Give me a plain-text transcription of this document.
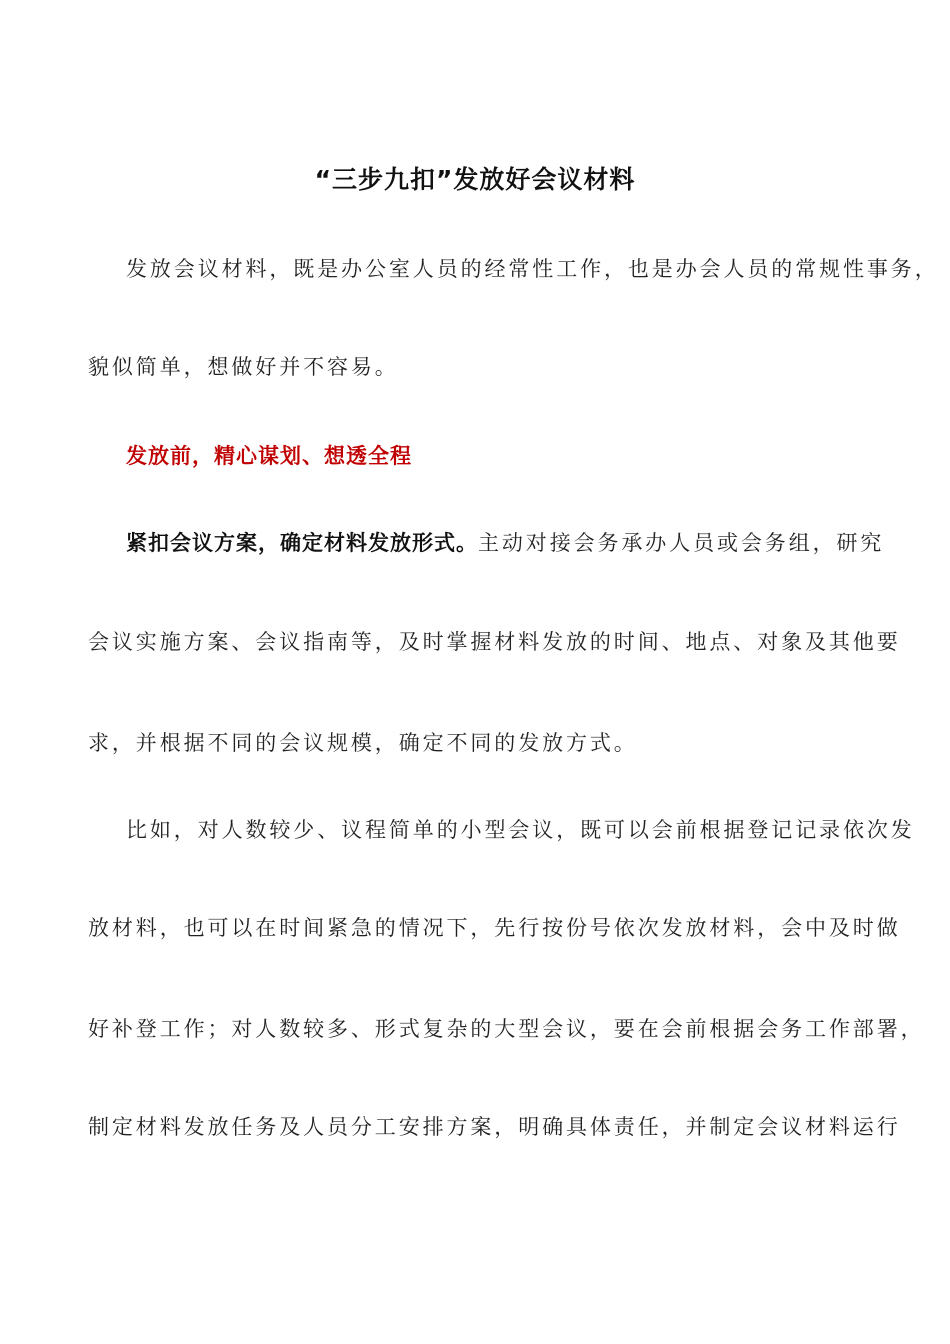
“三步九扣”发放好会议材料
发放会议材料，既是办公室人员的经常性工作，也是办会人员的常规性事务，
貌似简单，想做好并不容易。
发放前，精心谋划、想透全程
紧扣会议方案，确定材料发放形式。主动对接会务承办人员或会务组，研究
会议实施方案、会议指南等，及时掌握材料发放的时间、地点、对象及其他要
求，并根据不同的会议规模，确定不同的发放方式。
比如，对人数较少、议程简单的小型会议，既可以会前根据登记记录依次发
放材料，也可以在时间紧急的情况下，先行按份号依次发放材料，会中及时做
好补登工作；对人数较多、形式复杂的大型会议，要在会前根据会务工作部署，
制定材料发放任务及人员分工安排方案，明确具体责任，并制定会议材料运行
